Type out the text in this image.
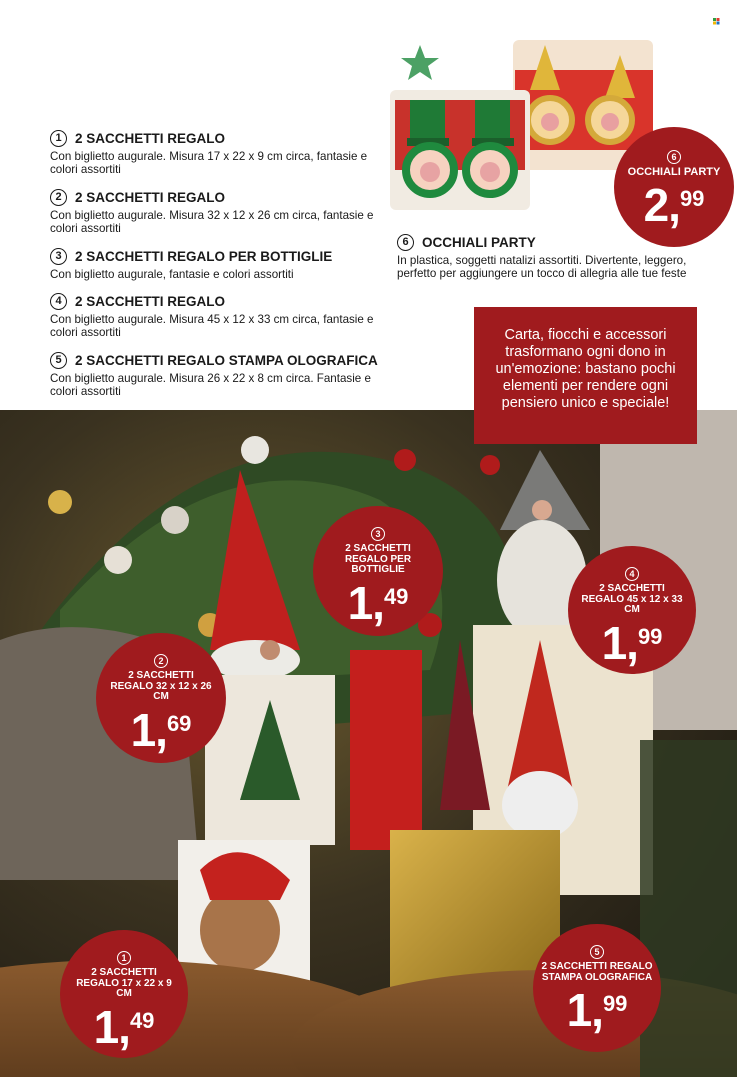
1 2 SACCHETTI REGALO
Con biglietto augurale. Misura 17 x 22 x 9 cm circa, fantasie e colori assortiti
2 2 SACCHETTI REGALO
Con biglietto augurale. Misura 32 x 12 x 26 cm circa, fantasie e colori assortiti
3 2 SACCHETTI REGALO PER BOTTIGLIE
Con biglietto augurale, fantasie e colori assortiti
4 2 SACCHETTI REGALO
Con biglietto augurale. Misura 45 x 12 x 33 cm circa, fantasie e colori assortiti
5 2 SACCHETTI REGALO STAMPA OLOGRAFICA
Con biglietto augurale. Misura 26 x 22 x 8 cm circa. Fantasie e colori assortiti
6 OCCHIALI PARTY
In plastica, soggetti natalizi assortiti. Divertente, leggero, perfetto per aggiungere un tocco di allegria alle tue feste
Carta, fiocchi e accessori trasformano ogni dono in un'emozione: bastano pochi elementi per rendere ogni pensiero unico e speciale!
6
OCCHIALI PARTY
2,99
3
2 SACCHETTI REGALO PER BOTTIGLIE
1,49
4
2 SACCHETTI REGALO 45 x 12 x 33 CM
1,99
2
2 SACCHETTI REGALO 32 x 12 x 26 CM
1,69
1
2 SACCHETTI REGALO 17 x 22 x 9 CM
1,49
5
2 SACCHETTI REGALO STAMPA OLOGRAFICA
1,99
